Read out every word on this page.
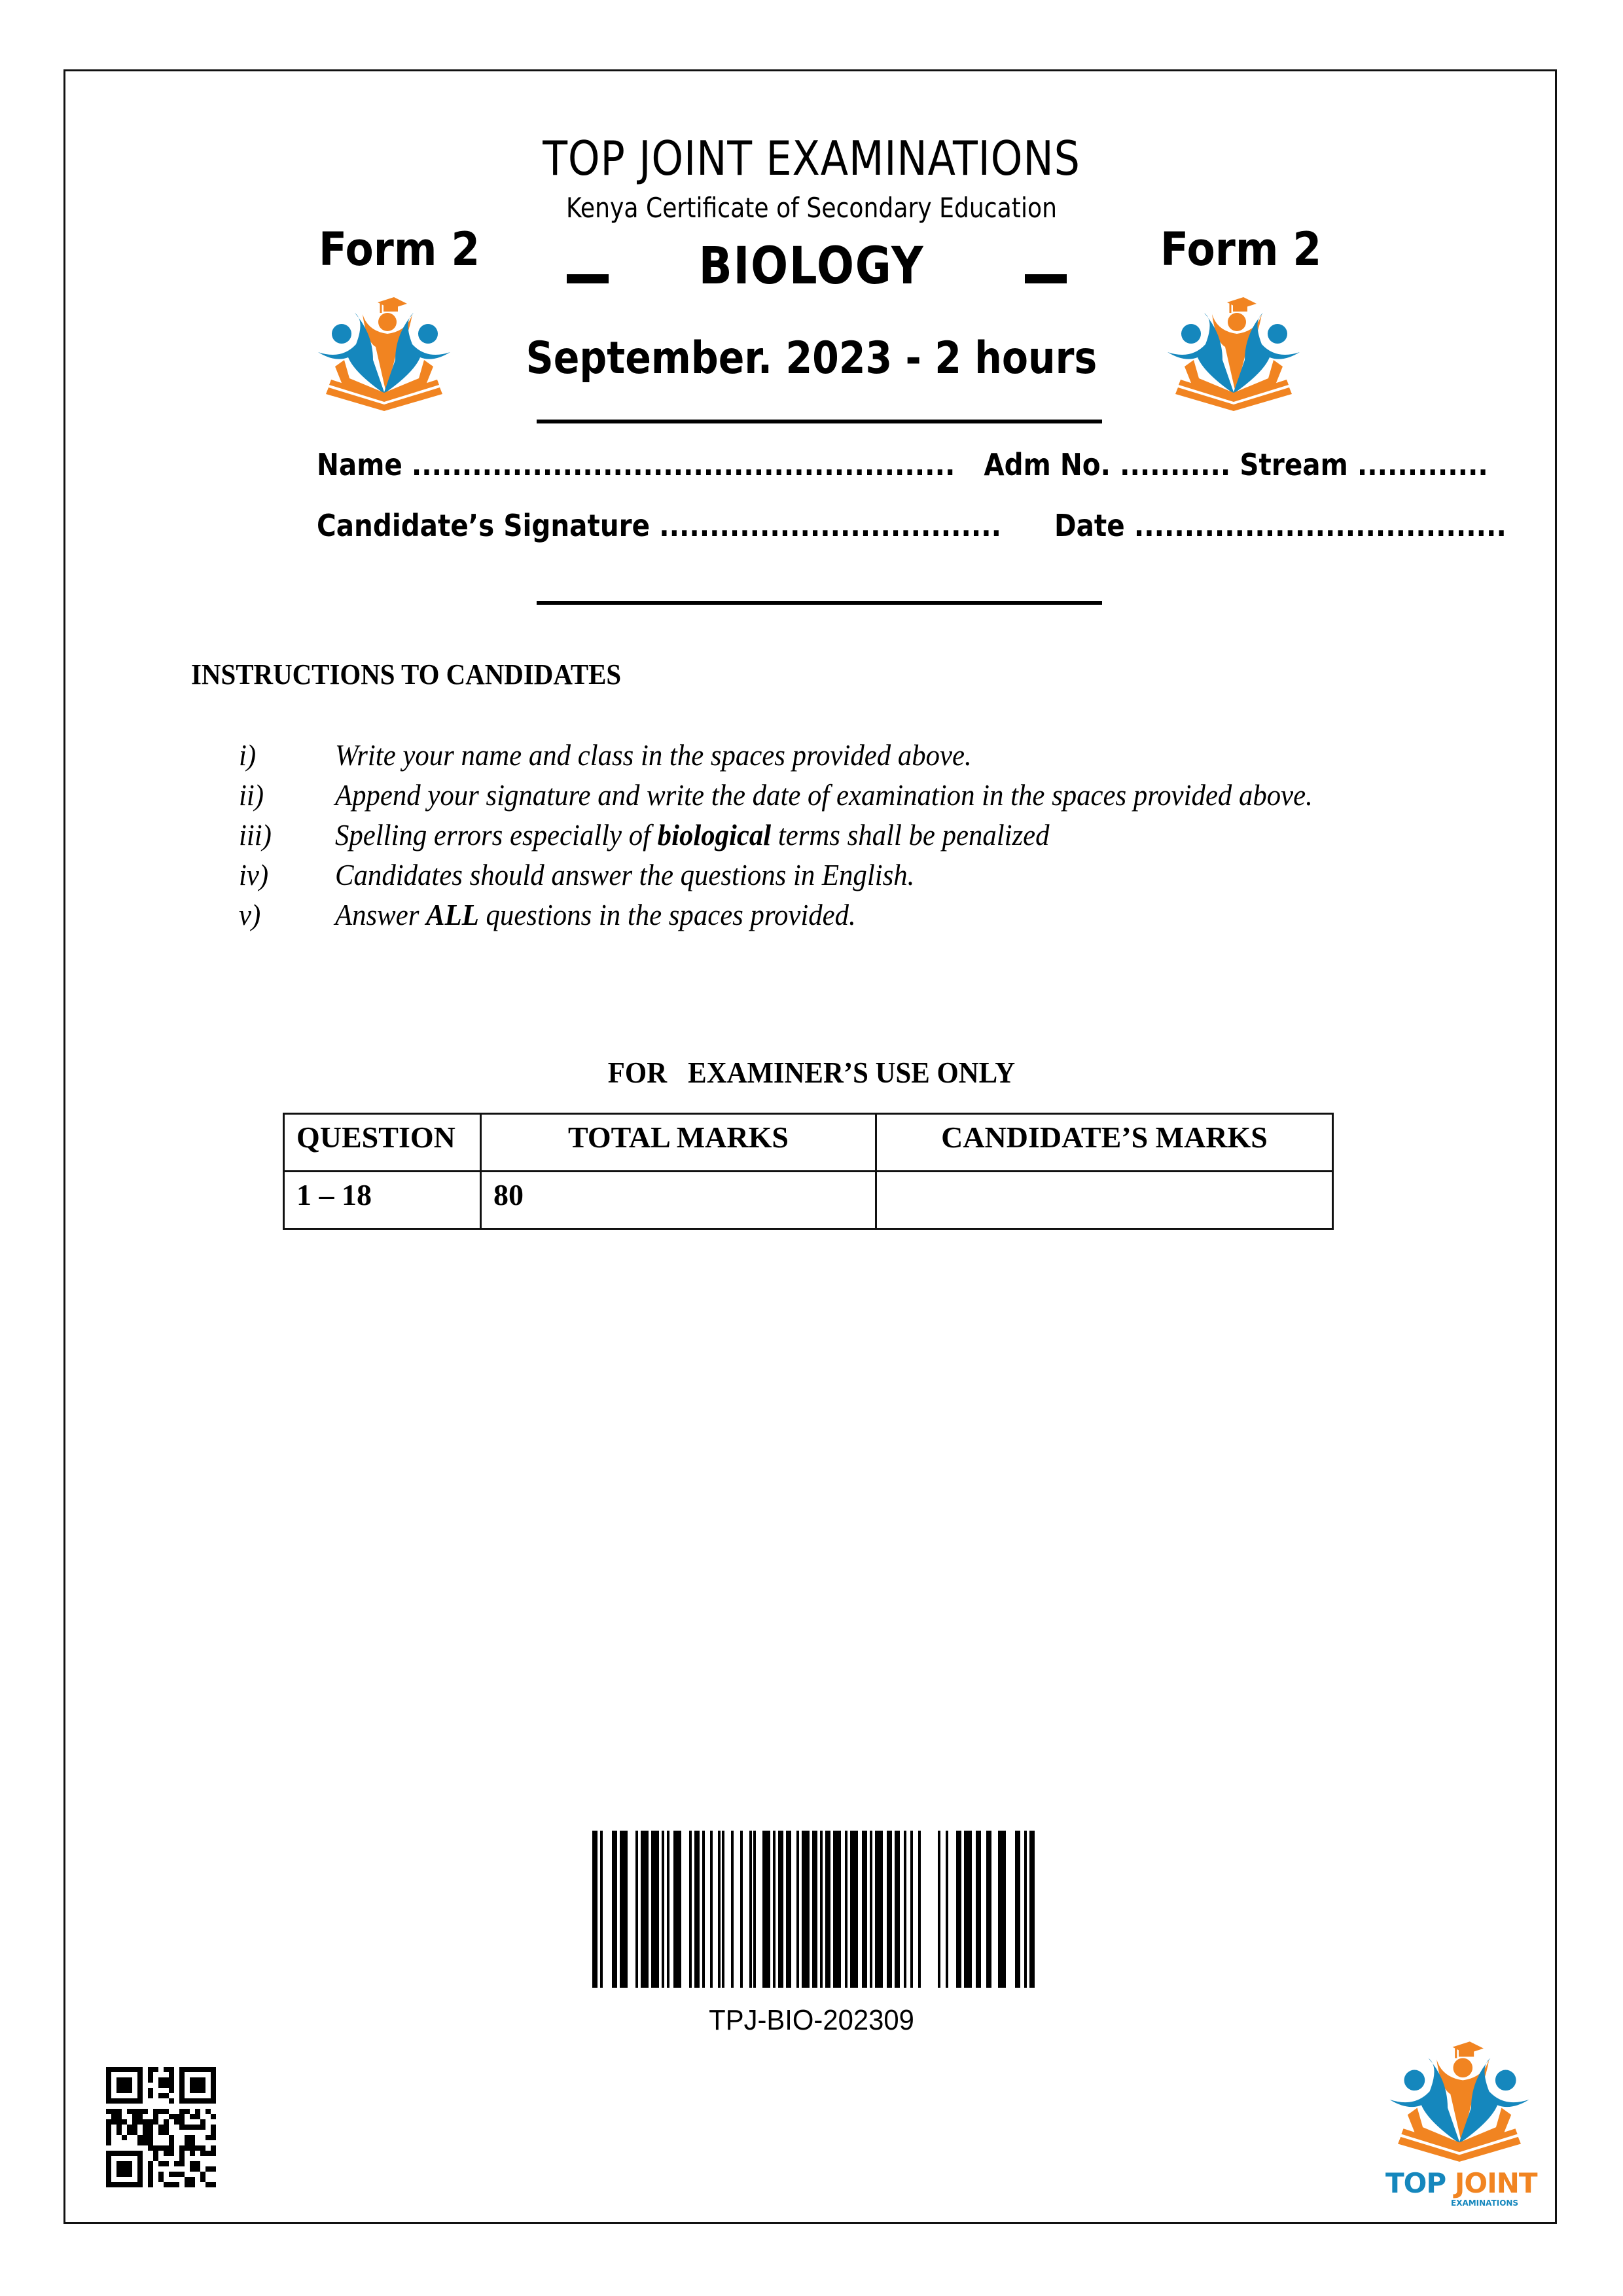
TOP JOINT EXAMINATIONS
Kenya Certificate of Secondary Education
Form 2	Form 2
BIOLOGY
September. 2023 - 2 hours
Name ...................................................... Adm No. ........... Stream .............
Candidate’s Signature .................................. Date .....................................
INSTRUCTIONS TO CANDIDATES
i)	Write your name and class in the spaces provided above.
ii) Append your signature and write the date of examination in the spaces provided above.
iii) Spelling errors especially of biological terms shall be penalized
iv) Candidates should answer the questions in English.
v) Answer ALL questions in the spaces provided.
FOR   EXAMINER’S USE ONLY
QUESTION	TOTAL MARKS	CANDIDATE’S MARKS
1 – 18	80	
TPJ-BIO-202309
TOP JOINT
EXAMINATIONS
